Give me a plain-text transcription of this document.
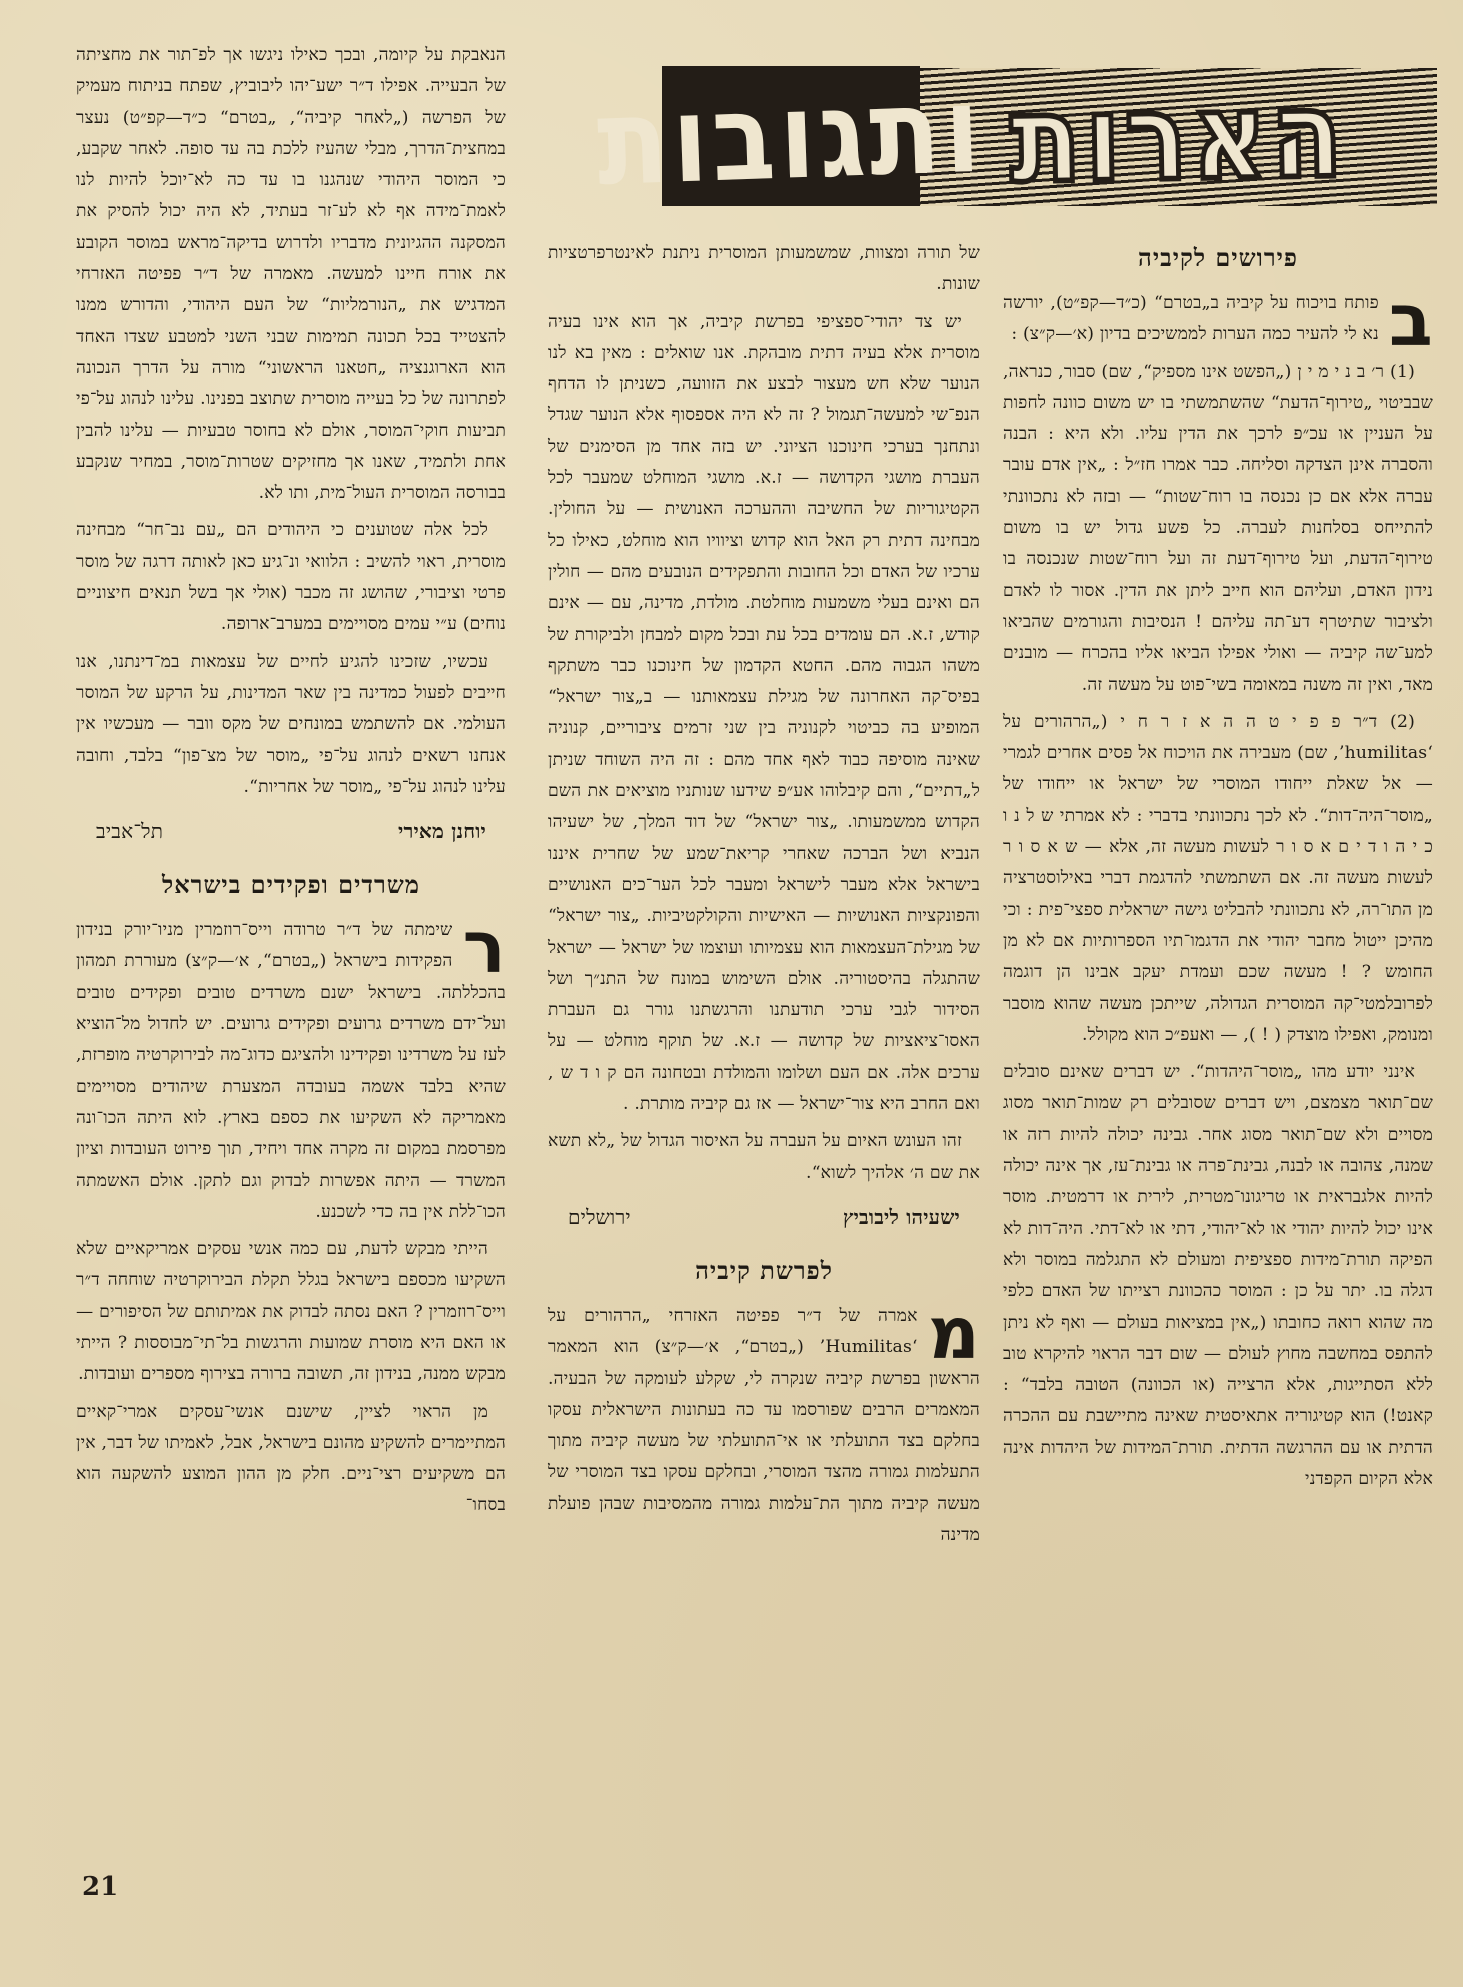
ותגובות הארות
פירושים לקיביה
ב

פותח בויכוח על קיביה ב„בטרם“ (כ״ד—קפ״ט), יורשה נא לי להעיר כמה הערות לממשיכים בדיון (א׳—ק״צ) :

(1) ר׳ ב נ י מ י ן („הפשט אינו מספיק“, שם) סבור, כנראה, שבביטוי „טירוף־הדעת“ שהשתמשתי בו יש משום כוונה לחפות על העניין או עכ״פ לרכך את הדין עליו. ולא היא : הבנה והסברה אינן הצדקה וסליחה. כבר אמרו חז״ל : „אין אדם עובר עברה אלא אם כן נכנסה בו רוח־שטות“ — ובזה לא נתכוונתי להתייחס בסלחנות לעברה. כל פשע גדול יש בו משום טירוף־הדעת, ועל טירוף־דעת זה ועל רוח־שטות שנכנסה בו נידון האדם, ועליהם הוא חייב ליתן את הדין. אסור לו לאדם ולציבור שתיטרף דע־תה עליהם ! הנסיבות והגורמים שהביאו למע־שה קיביה — ואולי אפילו הביאו אליו בהכרח — מובנים מאד, ואין זה משנה במאומה בשי־פוט על מעשה זה.

(2) ד״ר פ פ י ט ה ה א ז ר ח י („הרהורים על ‘humilitas’, שם) מעבירה את הויכוח אל פסים אחרים לגמרי — אל שאלת ייחודו המוסרי של ישראל או ייחודו של „מוסר־היה־דות“. לא לכך נתכוונתי בדברי : לא אמרתי ש ל נ ו כ י ה ו ד י ם א ס ו ר לעשות מעשה זה, אלא — ש א ס ו ר לעשות מעשה זה. אם השתמשתי להדגמת דברי באילוסטרציה מן התו־רה, לא נתכוונתי להבליט גישה ישראלית ספצי־פית : וכי מהיכן ייטול מחבר יהודי את הדגמו־תיו הספרותיות אם לא מן החומש ? ! מעשה שכם ועמדת יעקב אבינו הן דוגמה לפרובלמטי־קה המוסרית הגדולה, שייתכן מעשה שהוא מוסבר ומנומק, ואפילו מוצדק ( ! ), — ואעפ״כ הוא מקולל.

אינני יודע מהו „מוסר־היהדות“. יש דברים שאינם סובלים שם־תואר מצמצם, ויש דברים שסובלים רק שמות־תואר מסוג מסויים ולא שם־תואר מסוג אחר. גבינה יכולה להיות רזה או שמנה, צהובה או לבנה, גבינת־פרה או גבינת־עז, אך אינה יכולה להיות אלגבראית או טריגונו־מטרית, לירית או דרמטית. מוסר אינו יכול להיות יהודי או לא־יהודי, דתי או לא־דתי. היה־דות לא הפיקה תורת־מידות ספציפית ומעולם לא התגלמה במוסר ולא דגלה בו. יתר על כן : המוסר כהכוונת רצייתו של האדם כלפי מה שהוא רואה כחובתו („אין במציאות בעולם — ואף לא ניתן להתפס במחשבה מחוץ לעולם — שום דבר הראוי להיקרא טוב ללא הסתייגות, אלא הרצייה (או הכוונה) הטובה בלבד“ : קאנט!) הוא קטיגוריה אתאיסטית שאינה מתיישבת עם ההכרה הדתית או עם ההרגשה הדתית. תורת־המידות של היהדות אינה אלא הקיום הקפדני

של תורה ומצוות, שמשמעותן המוסרית ניתנת לאינטרפרטציות שונות.

יש צד יהודי־ספציפי בפרשת קיביה, אך הוא אינו בעיה מוסרית אלא בעיה דתית מובהקת. אנו שואלים : מאין בא לנו הנוער שלא חש מעצור לבצע את הזוועה, כשניתן לו הדחף הנפ־שי למעשה־תגמול ? זה לא היה אספסוף אלא הנוער שגדל ונתחנך בערכי חינוכנו הציוני. יש בזה אחד מן הסימנים של העברת מושגי הקדושה — ז.א. מושגי המוחלט שמעבר לכל הקטיגוריות של החשיבה וההערכה האנושית — על החולין. מבחינה דתית רק האל הוא קדוש וציוויו הוא מוחלט, כאילו כל ערכיו של האדם וכל החובות והתפקידים הנובעים מהם — חולין הם ואינם בעלי משמעות מוחלטת. מולדת, מדינה, עם — אינם קודש, ז.א. הם עומדים בכל עת ובכל מקום למבחן ולביקורת של משהו הגבוה מהם. החטא הקדמון של חינוכנו כבר משתקף בפיס־קה האחרונה של מגילת עצמאותנו — ב„צור ישראל“ המופיע בה כביטוי לקנוניה בין שני זרמים ציבוריים, קנוניה שאינה מוסיפה כבוד לאף אחד מהם : זה היה השוחד שניתן ל„דתיים“, והם קיבלוהו אע״פ שידעו שנותניו מוציאים את השם הקדוש ממשמעותו. „צור ישראל“ של דוד המלך, של ישעיהו הנביא ושל הברכה שאחרי קריאת־שמע של שחרית איננו בישראל אלא מעבר לישראל ומעבר לכל הער־כים האנושיים והפונקציות האנושיות — האישיות והקולקטיביות. „צור ישראל“ של מגילת־העצמאות הוא עצמיותו ועוצמו של ישראל — ישראל שהתגלה בהיסטוריה. אולם השימוש במונח של התנ״ך ושל הסידור לגבי ערכי תודעתנו והרגשתנו גורר גם העברת האסו־ציאציות של קדושה — ז.א. של תוקף מוחלט — על ערכים אלה. אם העם ושלומו והמולדת ובטחונה הם ק ו ד ש , ואם החרב היא צור־ישראל — אז גם קיביה מותרת. .

זהו העונש האיום על העברה על האיסור הגדול של „לא תשא את שם ה׳ אלהיך לשוא“.

ישעיהו ליבוביץ
ירושלים
לפרשת קיביה
מ

אמרה של ד״ר פפיטה האזרחי „הרהורים על ‘Humilitas’ („בטרם“, א׳—ק״צ) הוא המאמר הראשון בפרשת קיביה שנקרה לי, שקלע לעומקה של הבעיה. המאמרים הרבים שפורסמו עד כה בעתונות הישראלית עסקו בחלקם בצד התועלתי או אי־התועלתי של מעשה קיביה מתוך התעלמות גמורה מהצד המוסרי, ובחלקם עסקו בצד המוסרי של מעשה קיביה מתוך הת־עלמות גמורה מהמסיבות שבהן פועלת מדינה

הנאבקת על קיומה, ובכך כאילו ניגשו אך לפ־תור את מחציתה של הבעייה. אפילו ד״ר ישע־יהו ליבוביץ, שפתח בניתוח מעמיק של הפרשה („לאחר קיביה“, „בטרם“ כ״ד—קפ״ט) נעצר במחצית־הדרך, מבלי שהעיז ללכת בה עד סופה. לאחר שקבע, כי המוסר היהודי שנהגנו בו עד כה לא־יוכל להיות לנו לאמת־מידה אף לא לע־זר בעתיד, לא היה יכול להסיק את המסקנה ההגיונית מדבריו ולדרוש בדיקה־מראש במוסר הקובע את אורח חיינו למעשה. מאמרה של ד״ר פפיטה האזרחי המדגיש את „הנורמליות“ של העם היהודי, והדורש ממנו להצטייד בכל תכונה תמימות שבני השני למטבע שצדו האחד הוא הארוגנציה „חטאנו הראשוני“ מורה על הדרך הנכונה לפתרונה של כל בעייה מוסרית שתוצב בפנינו. עלינו לנהוג על־פי תביעות חוקי־המוסר, אולם לא בחוסר טבעיות — עלינו להבין אחת ולתמיד, שאנו אך מחזיקים שטרות־מוסר, במחיר שנקבע בבורסה המוסרית העול־מית, ותו לא.

לכל אלה שטוענים כי היהודים הם „עם נב־חר“ מבחינה מוסרית, ראוי להשיב : הלוואי ונ־גיע כאן לאותה דרגה של מוסר פרטי וציבורי, שהושג זה מכבר (אולי אך בשל תנאים חיצוניים נוחים) ע״י עמים מסויימים במערב־ארופה.

עכשיו, שזכינו להגיע לחיים של עצמאות במ־דינתנו, אנו חייבים לפעול כמדינה בין שאר המדינות, על הרקע של המוסר העולמי. אם להשתמש במונחים של מקס וובר — מעכשיו אין אנחנו רשאים לנהוג על־פי „מוסר של מצ־פון“ בלבד, וחובה עלינו לנהוג על־פי „מוסר של אחריות“.

יוחנן מאירי
תל־אביב
משרדים ופקידים בישראל
ר

שימתה של ד״ר טרודה וייס־רוזמרין מניו־יורק בנידון הפקידות בישראל („בטרם“, א׳—ק״צ) מעוררת תמהון בהכללתה. בישראל ישנם משרדים טובים ופקידים טובים ועל־ידם משרדים גרועים ופקידים גרועים. יש לחדול מל־הוציא לעז על משרדינו ופקידינו ולהציגם כדוג־מה לבירוקרטיה מופרזת, שהיא בלבד אשמה בעובדה המצערת שיהודים מסויימים מאמריקה לא השקיעו את כספם בארץ. לוא היתה הכו־ונה מפרסמת במקום זה מקרה אחד ויחיד, תוך פירוט העובדות וציון המשרד — היתה אפשרות לבדוק וגם לתקן. אולם האשמתה הכו־ללת אין בה כדי לשכנע.

הייתי מבקש לדעת, עם כמה אנשי עסקים אמריקאיים שלא השקיעו מכספם בישראל בגלל תקלת הבירוקרטיה שוחחה ד״ר וייס־רוזמרין ? האם נסתה לבדוק את אמיתותם של הסיפורים — או האם היא מוסרת שמועות והרגשות בל־תי־מבוססות ? הייתי מבקש ממנה, בנידון זה, תשובה ברורה בצירוף מספרים ועובדות.

מן הראוי לציין, שישנם אנשי־עסקים אמרי־קאיים המתיימרים להשקיע מהונם בישראל, אבל, לאמיתו של דבר, אין הם משקיעים רצי־ניים. חלק מן ההון המוצע להשקעה הוא בסחו־

21
